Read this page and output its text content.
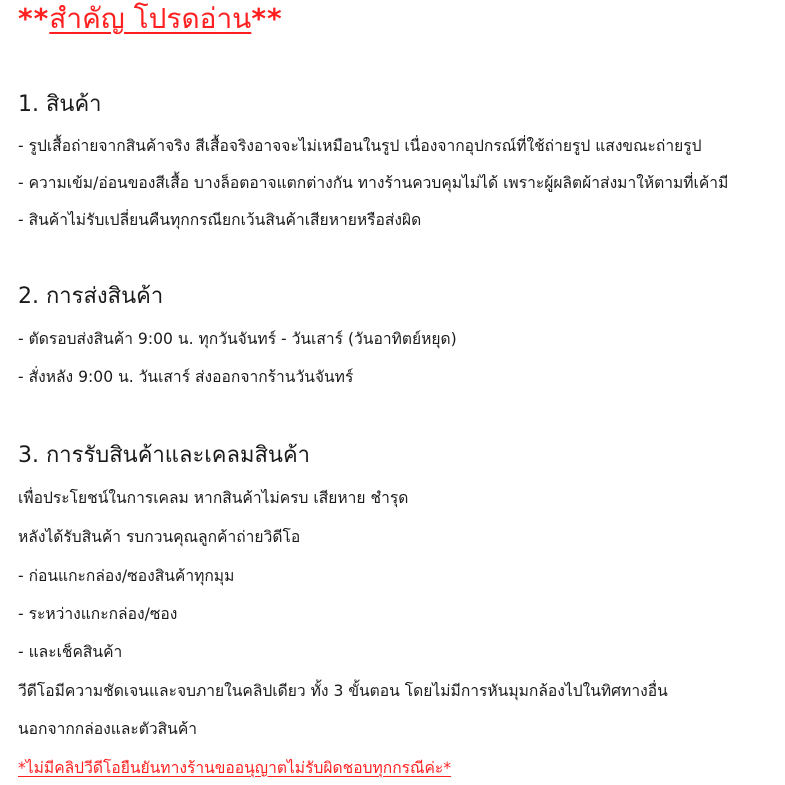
**สำคัญ โปรดอ่าน**
1. สินค้า
- รูปเสื้อถ่ายจากสินค้าจริง สีเสื้อจริงอาจจะไม่เหมือนในรูป เนื่องจากอุปกรณ์ที่ใช้ถ่ายรูป แสงขณะถ่ายรูป
- ความเข้ม/อ่อนของสีเสื้อ บางล็อตอาจแตกต่างกัน ทางร้านควบคุมไม่ได้ เพราะผู้ผลิตผ้าส่งมาให้ตามที่เค้ามี
- สินค้าไม่รับเปลี่ยนคืนทุกกรณียกเว้นสินค้าเสียหายหรือส่งผิด
2. การส่งสินค้า
- ตัดรอบส่งสินค้า 9:00 น. ทุกวันจันทร์ - วันเสาร์ (วันอาทิตย์หยุด)
- สั่งหลัง 9:00 น. วันเสาร์ ส่งออกจากร้านวันจันทร์
3. การรับสินค้าและเคลมสินค้า
เพื่อประโยชน์ในการเคลม หากสินค้าไม่ครบ เสียหาย ชำรุด
หลังได้รับสินค้า รบกวนคุณลูกค้าถ่ายวิดีโอ
- ก่อนแกะกล่อง/ซองสินค้าทุกมุม
- ระหว่างแกะกล่อง/ซอง
- และเช็คสินค้า
วีดีโอมีความชัดเจนและจบภายในคลิปเดียว ทั้ง 3 ขั้นตอน โดยไม่มีการหันมุมกล้องไปในทิศทางอื่น
นอกจากกล่องและตัวสินค้า
*ไม่มีคลิปวีดีโอยืนยันทางร้านขออนุญาตไม่รับผิดชอบทุกกรณีค่ะ*
